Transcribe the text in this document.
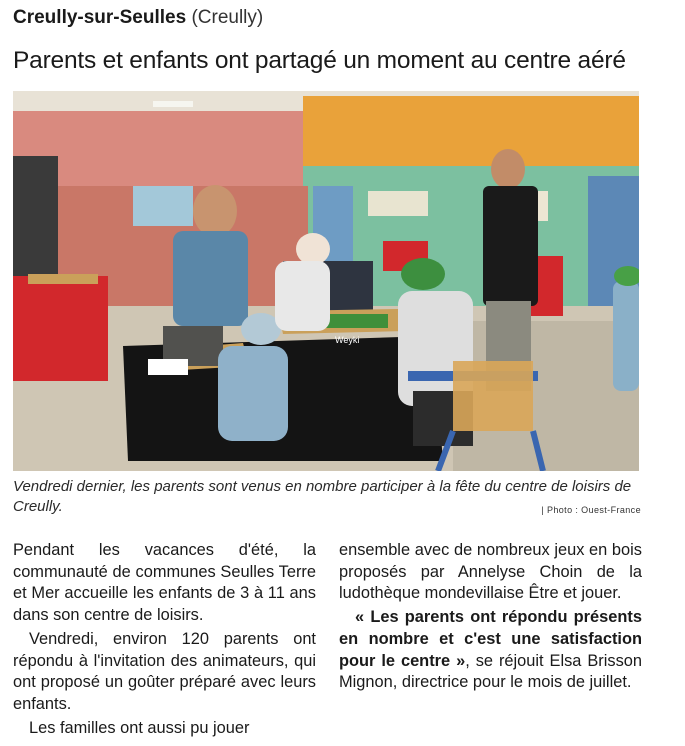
Creully-sur-Seulles (Creully)
Parents et enfants ont partagé un moment au centre aéré
Weyki
Vendredi dernier, les parents sont venus en nombre participer à la fête du centre de loisirs de Creully.	| Photo : Ouest-France

Pendant les vacances d'été, la communauté de communes Seulles Terre et Mer accueille les enfants de 3 à 11 ans dans son centre de loisirs.

Vendredi, environ 120 parents ont répondu à l'invitation des animateurs, qui ont proposé un goûter préparé avec leurs enfants.

Les familles ont aussi pu jouer

ensemble avec de nombreux jeux en bois proposés par Annelyse Choin de la ludothèque mondevillaise Être et jouer.

« Les parents ont répondu présents en nombre et c'est une satisfaction pour le centre », se réjouit Elsa Brisson Mignon, directrice pour le mois de juillet.
